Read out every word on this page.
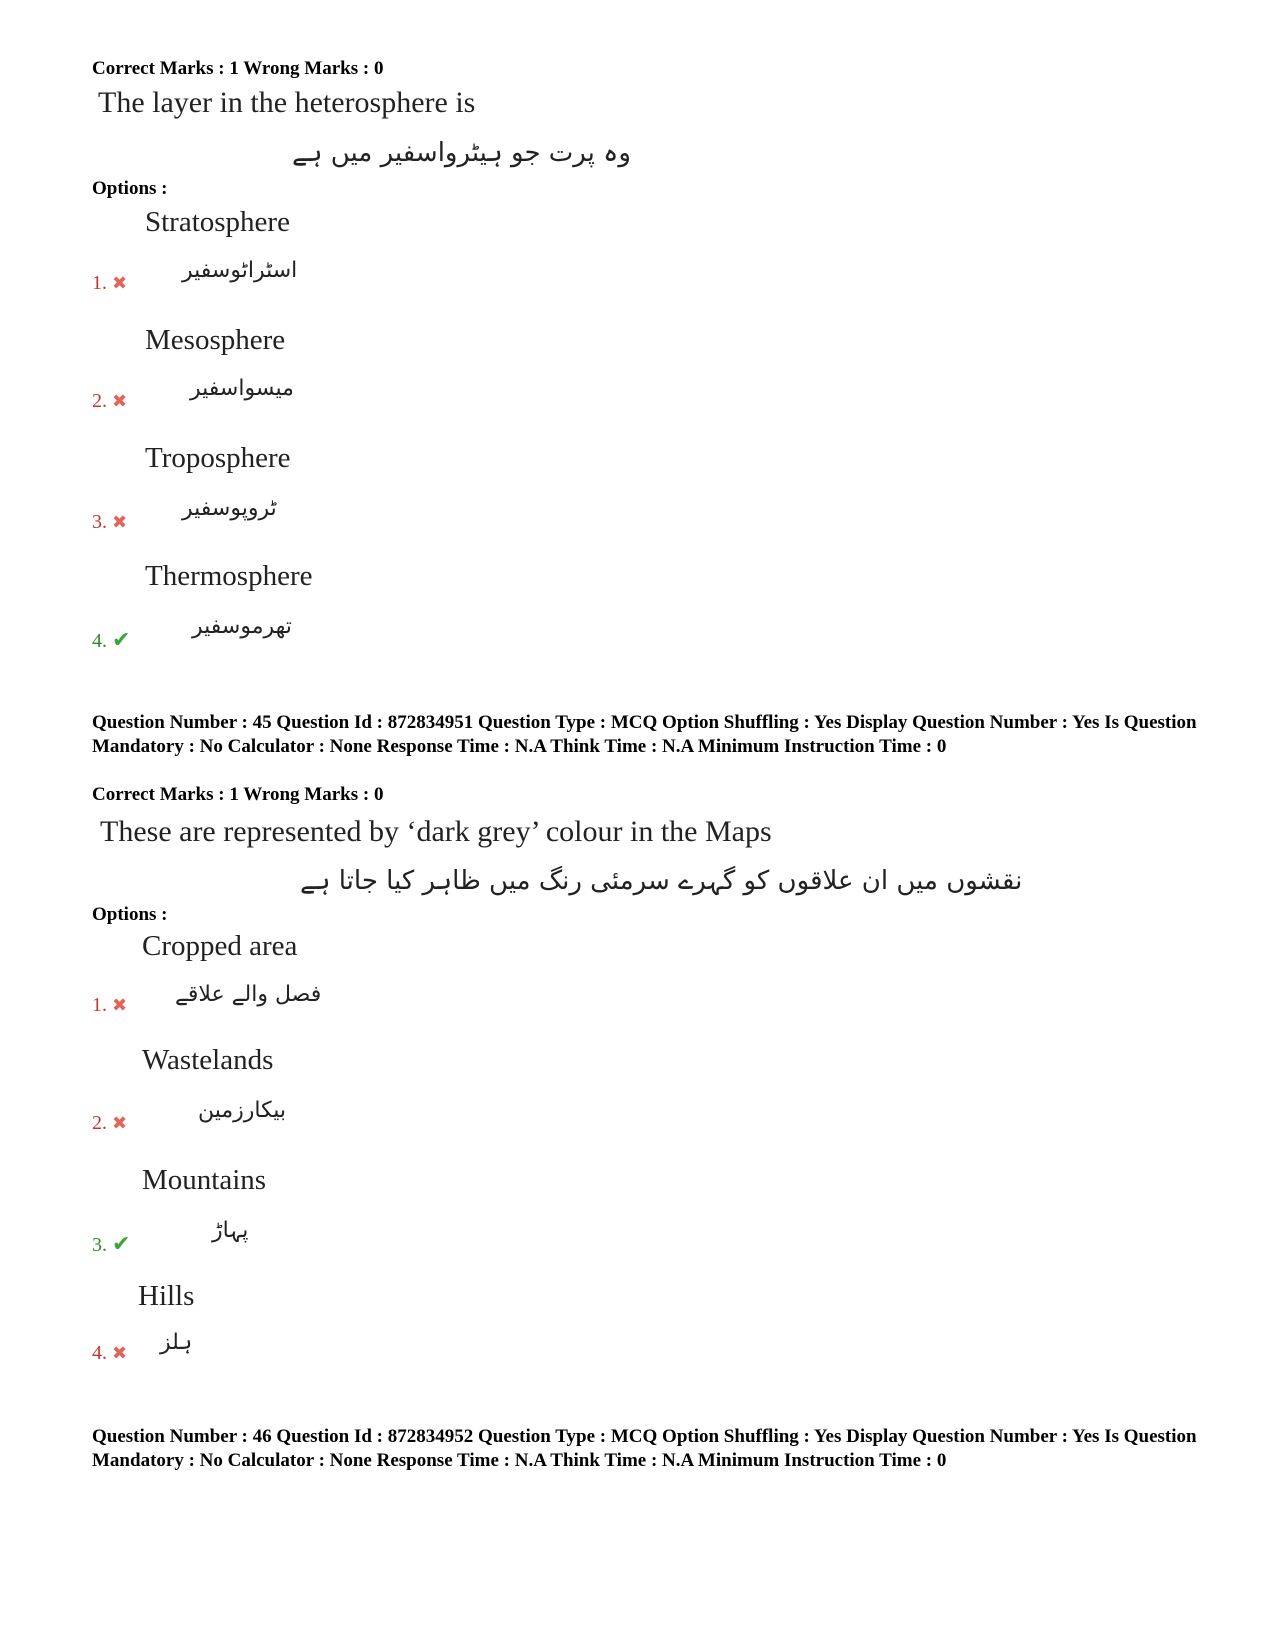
Correct Marks : 1 Wrong Marks : 0
The layer in the heterosphere is
وہ پرت جو ہیٹرواسفیر میں ہے
Options :
Stratosphere
اسٹراٹوسفیر
1. ✖
Mesosphere
میسواسفیر
2. ✖
Troposphere
ٹروپوسفیر
3. ✖
Thermosphere
تھرموسفیر
4. ✔
Question Number : 45 Question Id : 872834951 Question Type : MCQ Option Shuffling : Yes Display Question Number : Yes Is Question Mandatory : No Calculator : None Response Time : N.A Think Time : N.A Minimum Instruction Time : 0
Correct Marks : 1 Wrong Marks : 0
These are represented by ‘dark grey’ colour in the Maps
نقشوں میں ان علاقوں کو گہرے سرمئی رنگ میں ظاہر کیا جاتا ہے
Options :
Cropped area
فصل والے علاقے
1. ✖
Wastelands
بیکارزمین
2. ✖
Mountains
پہاڑ
3. ✔
Hills
ہلز
4. ✖
Question Number : 46 Question Id : 872834952 Question Type : MCQ Option Shuffling : Yes Display Question Number : Yes Is Question Mandatory : No Calculator : None Response Time : N.A Think Time : N.A Minimum Instruction Time : 0
